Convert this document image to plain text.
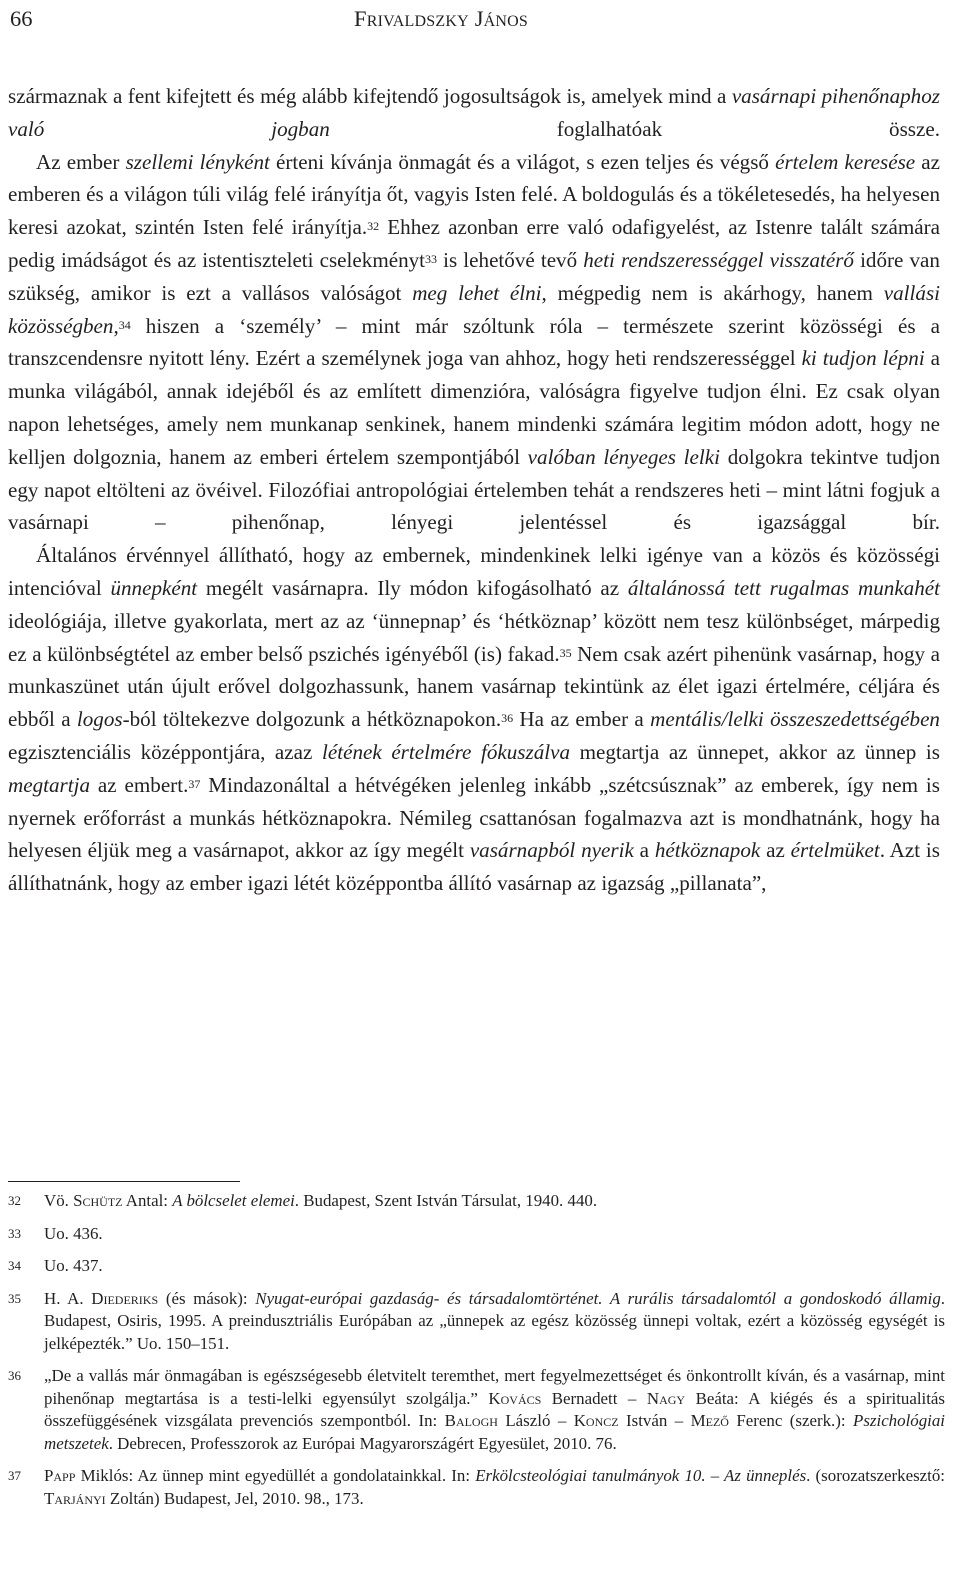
66	Frivaldszky János

származnak a fent kifejtett és még alább kifejtendő jogosultságok is, amelyek mind a vasárnapi pihenőnaphoz való jogban foglalhatóak össze.

Az ember szellemi lényként érteni kívánja önmagát és a világot, s ezen teljes és végső értelem keresése az emberen és a világon túli világ felé irányítja őt, vagyis Isten felé. A boldogulás és a tökéletesedés, ha helyesen keresi azokat, szintén Isten felé irányítja.$^{32}$ Ehhez azonban erre való odafigyelést, az Istenre talált számára pedig imádságot és az istentiszteleti cselekményt$^{33}$ is lehetővé tevő heti rendszerességgel visszatérő időre van szükség, amikor is ezt a vallásos valóságot meg lehet élni, mégpedig nem is akárhogy, hanem vallási közösségben,$^{34}$ hiszen a ‘személy’ – mint már szóltunk róla – természete szerint közösségi és a transzcendensre nyitott lény. Ezért a személynek joga van ahhoz, hogy heti rendszerességgel ki tudjon lépni a munka világából, annak idejéből és az említett dimenzióra, valóságra figyelve tudjon élni. Ez csak olyan napon lehetséges, amely nem munkanap senkinek, hanem mindenki számára legitim módon adott, hogy ne kelljen dolgoznia, hanem az emberi értelem szempontjából valóban lényeges lelki dolgokra tekintve tudjon egy napot eltölteni az övéivel. Filozófiai antropológiai értelemben tehát a rendszeres heti – mint látni fogjuk a vasárnapi – pihenőnap, lényegi jelentéssel és igazsággal bír.

Általános érvénnyel állítható, hogy az embernek, mindenkinek lelki igénye van a közös és közösségi intencióval ünnepként megélt vasárnapra. Ily módon kifogásolható az általánossá tett rugalmas munkahét ideológiája, illetve gyakorlata, mert az az ‘ünnepnap’ és ‘hétköznap’ között nem tesz különbséget, márpedig ez a különbségtétel az ember belső pszichés igényéből (is) fakad.$^{35}$ Nem csak azért pihenünk vasárnap, hogy a munkaszünet után újult erővel dolgozhassunk, hanem vasárnap tekintünk az élet igazi értelmére, céljára és ebből a logos-ból töltekezve dolgozunk a hétköznapokon.$^{36}$ Ha az ember a mentális/lelki összeszedettségében egzisztenciális középpontjára, azaz létének értelmére fókuszálva megtartja az ünnepet, akkor az ünnep is megtartja az embert.$^{37}$ Mindazonáltal a hétvégéken jelenleg inkább „szétcsúsznak” az emberek, így nem is nyernek erőforrást a munkás hétköznapokra. Némileg csattanósan fogalmazva azt is mondhatnánk, hogy ha helyesen éljük meg a vasárnapot, akkor az így megélt vasárnapból nyerik a hétköznapok az értelmüket. Azt is állíthatnánk, hogy az ember igazi létét középpontba állító vasárnap az igazság „pillanata”,

32 Vö. Schütz Antal: A bölcselet elemei. Budapest, Szent István Társulat, 1940. 440.
33 Uo. 436.
34 Uo. 437.
35 H. A. Diederiks (és mások): Nyugat-európai gazdaság- és társadalomtörténet. A rurális társadalomtól a gondoskodó államig. Budapest, Osiris, 1995. A preindusztriális Európában az „ünnepek az egész közösség ünnepi voltak, ezért a közösség egységét is jelképezték.” Uo. 150–151.
36 „De a vallás már önmagában is egészségesebb életvitelt teremthet, mert fegyelmezettséget és önkontrollt kíván, és a vasárnap, mint pihenőnap megtartása is a testi-lelki egyensúlyt szolgálja.” Kovács Bernadett – Nagy Beáta: A kiégés és a spiritualitás összefüggésének vizsgálata prevenciós szempontból. In: Balogh László – Koncz István – Mező Ferenc (szerk.): Pszichológiai metszetek. Debrecen, Professzorok az Európai Magyarországért Egyesület, 2010. 76.
37 Papp Miklós: Az ünnep mint egyedüllét a gondolatainkkal. In: Erkölcsteológiai tanulmányok 10. – Az ünneplés. (sorozatszerkesztő: Tarjányi Zoltán) Budapest, Jel, 2010. 98., 173.
